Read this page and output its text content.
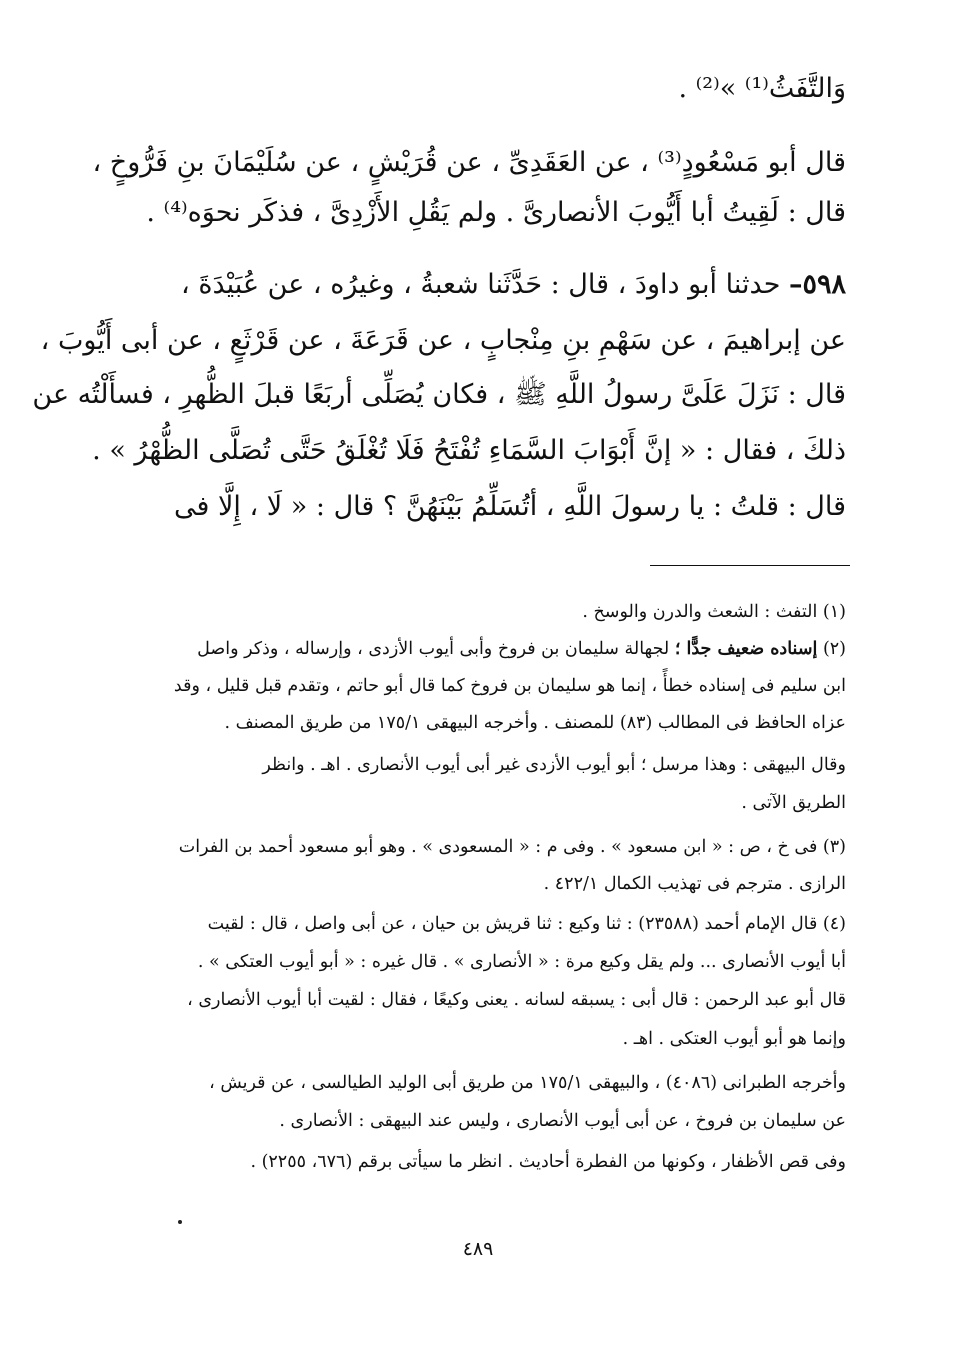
وَالتَّفَثُ⁽¹⁾ »⁽²⁾ .
قال أبو مَسْعُودٍ⁽³⁾ ، عن العَقَدِىِّ ، عن قُرَيْشٍ ، عن سُلَيْمَانَ بنِ فَرُّوخٍ ،
قال : لَقِيتُ أبا أَيُّوبَ الأنصارىَّ . ولم يَقُلِ الأَزْدِىَّ ، فذكَر نحوَه⁽⁴⁾ .
٥٩٨– حدثنا أبو داودَ ، قال : حَدَّثَنا شعبةُ ، وغيرُه ، عن عُبَيْدَةَ ،
عن إبراهيمَ ، عن سَهْمِ بنِ مِنْجابٍ ، عن قَرَعَةَ ، عن قَرْثَعٍ ، عن أبى أَيُّوبَ ،
قال : نَزَلَ عَلَىَّ رسولُ اللَّهِ ﷺ ، فكان يُصَلِّى أربَعًا قبلَ الظُّهرِ ، فسأَلْتُه عن
ذلكَ ، فقال : « إنَّ أَبْوَابَ السَّمَاءِ تُفْتَحُ فَلَا تُغْلَقُ حَتَّى تُصَلَّى الظُّهْرُ » .
قال : قلتُ : يا رسولَ اللَّهِ ، أتُسَلِّمُ بَيْنَهُنَّ ؟ قال : « لَا ، إِلَّا فى
(١) التفث : الشعث والدرن والوسخ .
(٢) إسناده ضعيف جدًّا ؛ لجهالة سليمان بن فروخ وأبى أيوب الأزدى ، وإرساله ، وذكر واصل
ابن سليم فى إسناده خطأً ، إنما هو سليمان بن فروخ كما قال أبو حاتم ، وتقدم قبل قليل ، وقد
عزاه الحافظ فى المطالب (٨٣) للمصنف . وأخرجه البيهقى ١٧٥/١ من طريق المصنف .
وقال البيهقى : وهذا مرسل ؛ أبو أيوب الأزدى غير أبى أيوب الأنصارى . اهـ . وانظر
الطريق الآتى .
(٣) فى خ ، ص : « ابن مسعود » . وفى م : « المسعودى » . وهو أبو مسعود أحمد بن الفرات
الرازى . مترجم فى تهذيب الكمال ٤٢٢/١ .
(٤) قال الإمام أحمد (٢٣٥٨٨) : ثنا وكيع : ثنا قريش بن حيان ، عن أبى واصل ، قال : لقيت
أبا أيوب الأنصارى ... ولم يقل وكيع مرة : « الأنصارى » . قال غيره : « أبو أيوب العتكى » .
قال أبو عبد الرحمن : قال أبى : يسبقه لسانه . يعنى وكيعًا ، فقال : لقيت أبا أيوب الأنصارى ،
وإنما هو أبو أيوب العتكى . اهـ .
وأخرجه الطبرانى (٤٠٨٦) ، والبيهقى ١٧٥/١ من طريق أبى الوليد الطيالسى ، عن قريش ،
عن سليمان بن فروخ ، عن أبى أيوب الأنصارى ، وليس عند البيهقى : الأنصارى .
وفى قص الأظفار ، وكونها من الفطرة أحاديث . انظر ما سيأتى برقم (٦٧٦، ٢٢٥٥) .
٤٨٩
